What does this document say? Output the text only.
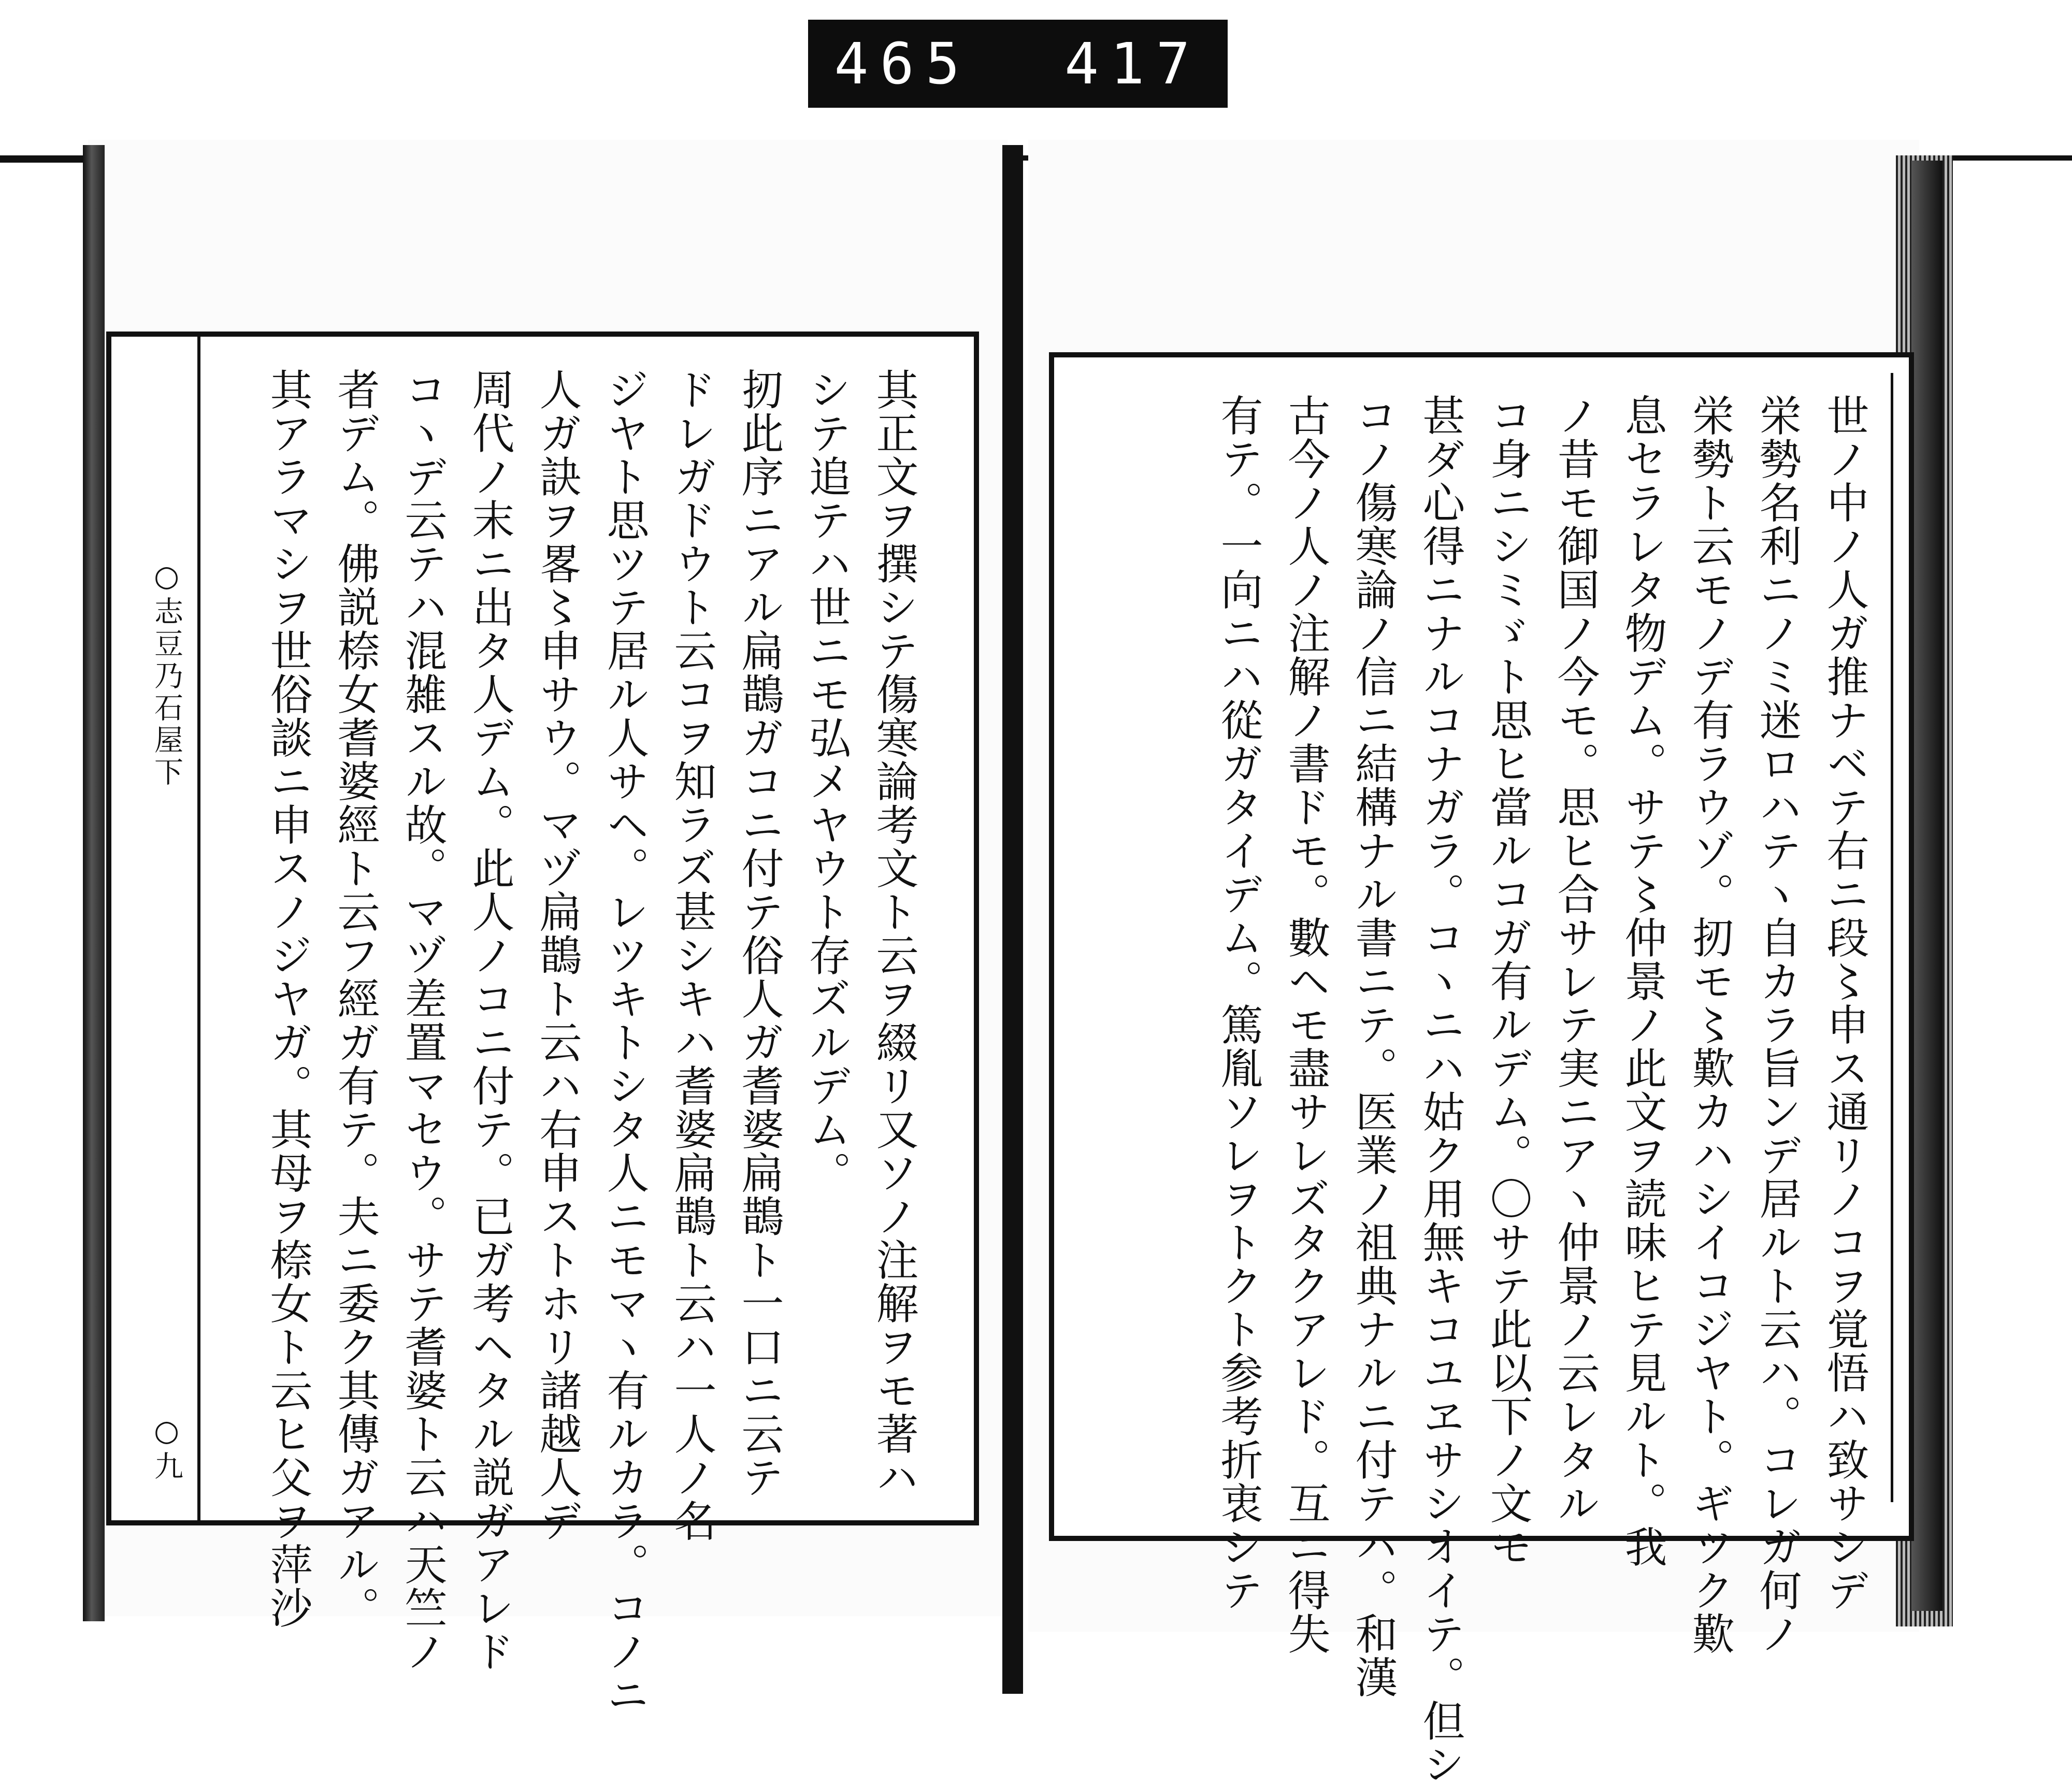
465 417
○志豆乃石屋下
○九	其正文ヲ撰シテ傷寒論考文ト云ヲ綴リ又ソノ注解ヲモ著ハ
シテ追テハ世ニモ弘メヤウト存ズルデム。
扨此序ニアル扁鵲ガコニ付テ俗人ガ耆婆扁鵲ト一口ニ云テ
ドレガドウト云コヲ知ラズ甚シキハ耆婆扁鵲ト云ハ一人ノ名
ジヤト思ツテ居ル人サヘ。レツキトシタ人ニモマヽ有ルカラ。コノニ
人ガ訣ヲ畧〻申サウ。マヅ扁鵲ト云ハ右申ストホリ諸越人デ
周代ノ末ニ出タ人デム。此人ノコニ付テ。已ガ考ヘタル説ガアレド
コヽデ云テハ混雑スル故。マヅ差置マセウ。サテ耆婆ト云ハ天竺ノ
者デム。佛説㮈女耆婆經ト云フ經ガ有テ。夫ニ委ク其傳ガアル。
其アラマシヲ世俗談ニ申スノジヤガ。其母ヲ㮈女ト云ヒ父ヲ萍沙	世ノ中ノ人ガ推ナベテ右ニ段〻申ス通リノコヲ覚悟ハ致サシデ
栄勢名利ニノミ迷ロハテヽ自カラ旨ンデ居ルト云ハ。コレガ何ノ
栄勢ト云モノデ有ラウゾ。扨モ〻歎カハシイコジヤト。ギツク歎
息セラレタ物デム。サテ〻仲景ノ此文ヲ読味ヒテ見ルト。我
ノ昔モ御国ノ今モ。思ヒ合サレテ実ニアヽ仲景ノ云レタル
コ身ニシミゞト思ヒ當ルコガ有ルデム。〇サテ此以下ノ文モ
甚ダ心得ニナルコナガラ。コヽニハ姑ク用無キコユヱサシオイテ。但シ
コノ傷寒論ノ信ニ結構ナル書ニテ。医業ノ祖典ナルニ付テハ。和漢
古今ノ人ノ注解ノ書ドモ。數ヘモ盡サレズタクアレド。互ニ得失
有テ。一向ニハ從ガタイデム。篤胤ソレヲトクト参考折衷シテ
